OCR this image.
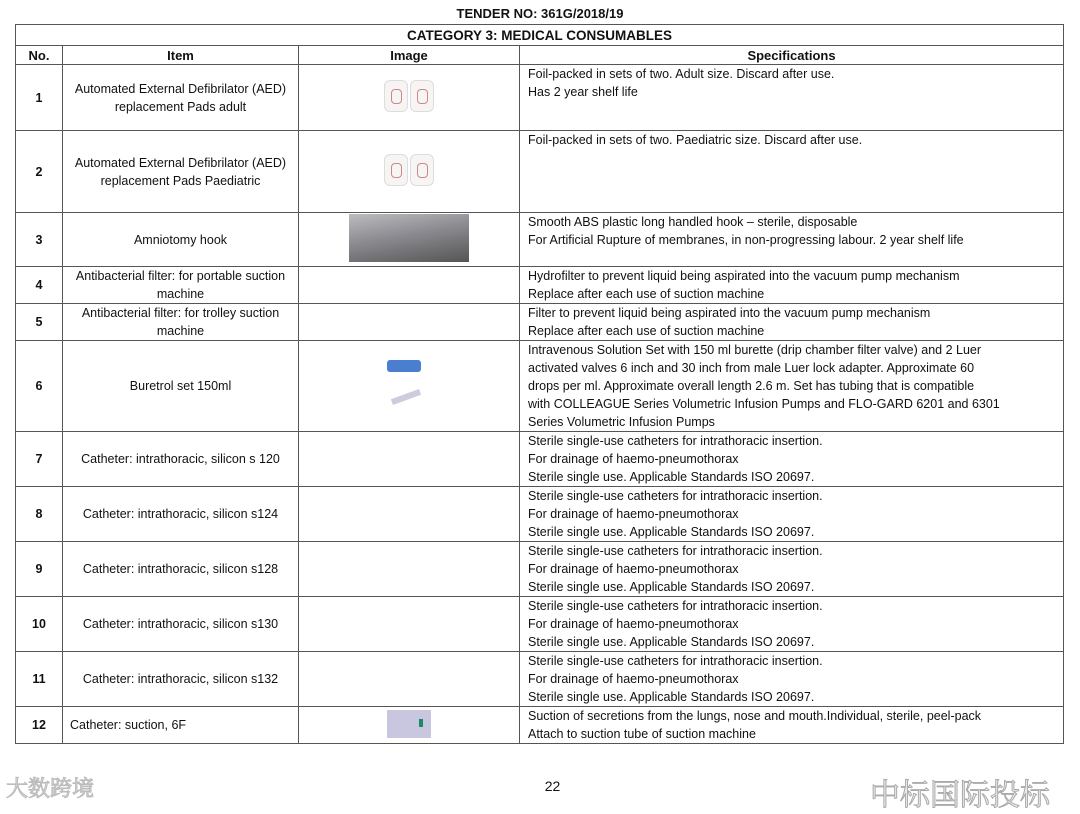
TENDER NO: 361G/2018/19
CATEGORY 3: MEDICAL CONSUMABLES			
No.	Item	Image	Specifications
1	Automated External Defibrilator (AED) replacement Pads adult		Foil-packed in sets of two. Adult size. Discard after use.
Has 2 year shelf life

2	Automated External Defibrilator (AED) replacement Pads Paediatric		Foil-packed in sets of two. Paediatric size. Discard after use.

3	Amniotomy hook		Smooth ABS plastic long handled hook – sterile, disposable
For Artificial Rupture of membranes, in non-progressing labour. 2 year shelf life

4	Antibacterial filter: for portable suction machine		Hydrofilter to prevent liquid being aspirated into the vacuum pump mechanism
Replace after each use of suction machine

5	Antibacterial filter: for trolley suction machine		Filter to prevent liquid being aspirated into the vacuum pump mechanism
Replace after each use of suction machine

6	Buretrol set 150ml		Intravenous Solution Set with 150 ml burette (drip chamber filter valve) and 2 Luer
activated valves 6 inch and 30 inch from male Luer lock adapter. Approximate 60
drops per ml. Approximate overall length 2.6 m. Set has tubing that is compatible
with COLLEAGUE Series Volumetric Infusion Pumps and FLO-GARD 6201 and 6301
Series Volumetric Infusion Pumps

7	Catheter: intrathoracic, silicon s 120		Sterile single-use catheters for intrathoracic insertion.
For drainage of haemo-pneumothorax
Sterile single use. Applicable Standards ISO 20697.

8	Catheter: intrathoracic, silicon s124		Sterile single-use catheters for intrathoracic insertion.
For drainage of haemo-pneumothorax
Sterile single use. Applicable Standards ISO 20697.

9	Catheter: intrathoracic, silicon s128		Sterile single-use catheters for intrathoracic insertion.
For drainage of haemo-pneumothorax
Sterile single use. Applicable Standards ISO 20697.

10	Catheter: intrathoracic, silicon s130		Sterile single-use catheters for intrathoracic insertion.
For drainage of haemo-pneumothorax
Sterile single use. Applicable Standards ISO 20697.

11	Catheter: intrathoracic, silicon s132		Sterile single-use catheters for intrathoracic insertion.
For drainage of haemo-pneumothorax
Sterile single use. Applicable Standards ISO 20697.

12	Catheter: suction, 6F		Suction of secretions from the lungs, nose and mouth.Individual, sterile, peel-pack
Attach to suction tube of suction machine
大数跨境	22	中标国际投标
